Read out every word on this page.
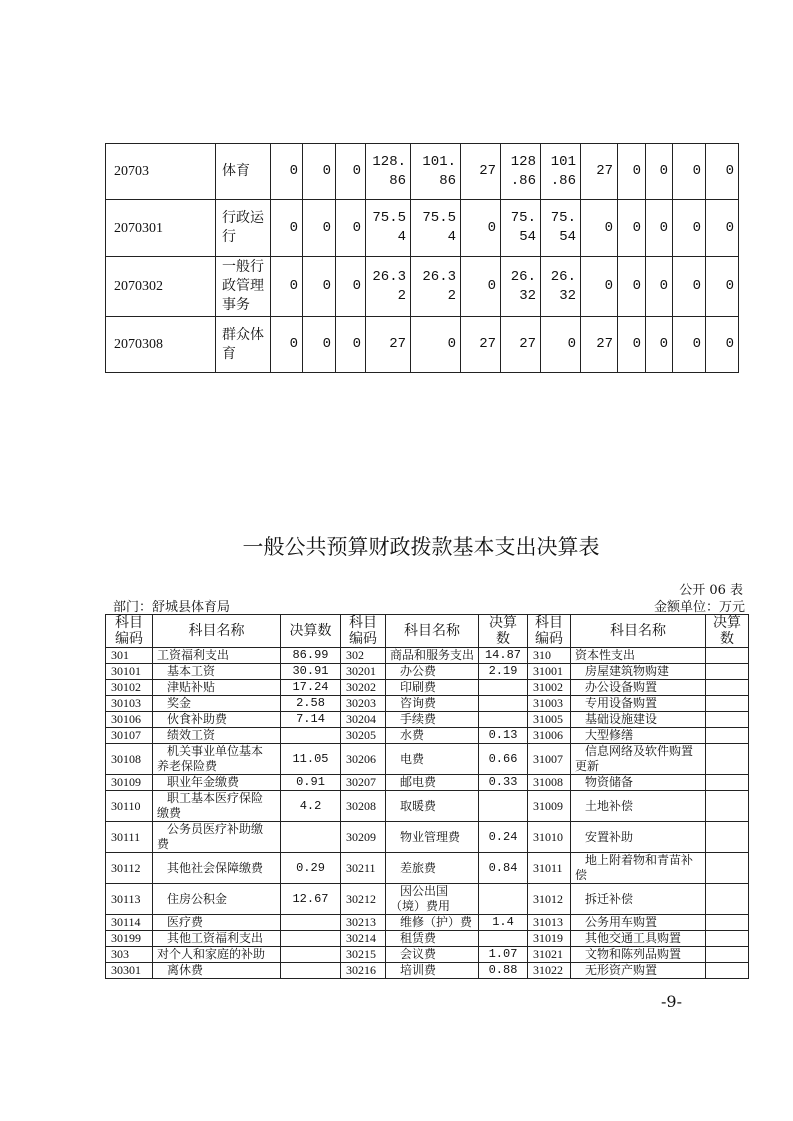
20703	体育	0	0	0	128.86	101.86	27	128.86	101.86	27	0	0	0	0
2070301	行政运行	0	0	0	75.54	75.54	0	75.54	75.54	0	0	0	0	0
2070302	一般行政管理事务	0	0	0	26.32	26.32	0	26.32	26.32	0	0	0	0	0
2070308	群众体育	0	0	0	27	0	27	27	0	27	0	0	0	0
一般公共预算财政拨款基本支出决算表
公开 06 表
部门：舒城县体育局	金额单位：万元
科目编码	科目名称	决算数	科目编码	科目名称	决算数	科目编码	科目名称	决算数
301	工资福利支出	86.99	302	商品和服务支出	14.87	310	资本性支出	
30101	基本工资	30.91	30201	办公费	2.19	31001	房屋建筑物购建	
30102	津贴补贴	17.24	30202	印刷费		31002	办公设备购置	
30103	奖金	2.58	30203	咨询费		31003	专用设备购置	
30106	伙食补助费	7.14	30204	手续费		31005	基础设施建设	
30107	绩效工资		30205	水费	0.13	31006	大型修缮	
30108	机关事业单位基本养老保险费	11.05	30206	电费	0.66	31007	信息网络及软件购置更新	
30109	职业年金缴费	0.91	30207	邮电费	0.33	31008	物资储备	
30110	职工基本医疗保险缴费	4.2	30208	取暖费		31009	土地补偿	
30111	公务员医疗补助缴费		30209	物业管理费	0.24	31010	安置补助	
30112	其他社会保障缴费	0.29	30211	差旅费	0.84	31011	地上附着物和青苗补偿	
30113	住房公积金	12.67	30212	因公出国（境）费用		31012	拆迁补偿	
30114	医疗费		30213	维修（护）费	1.4	31013	公务用车购置	
30199	其他工资福利支出		30214	租赁费		31019	其他交通工具购置	
303	对个人和家庭的补助		30215	会议费	1.07	31021	文物和陈列品购置	
30301	离休费		30216	培训费	0.88	31022	无形资产购置	
-9-
